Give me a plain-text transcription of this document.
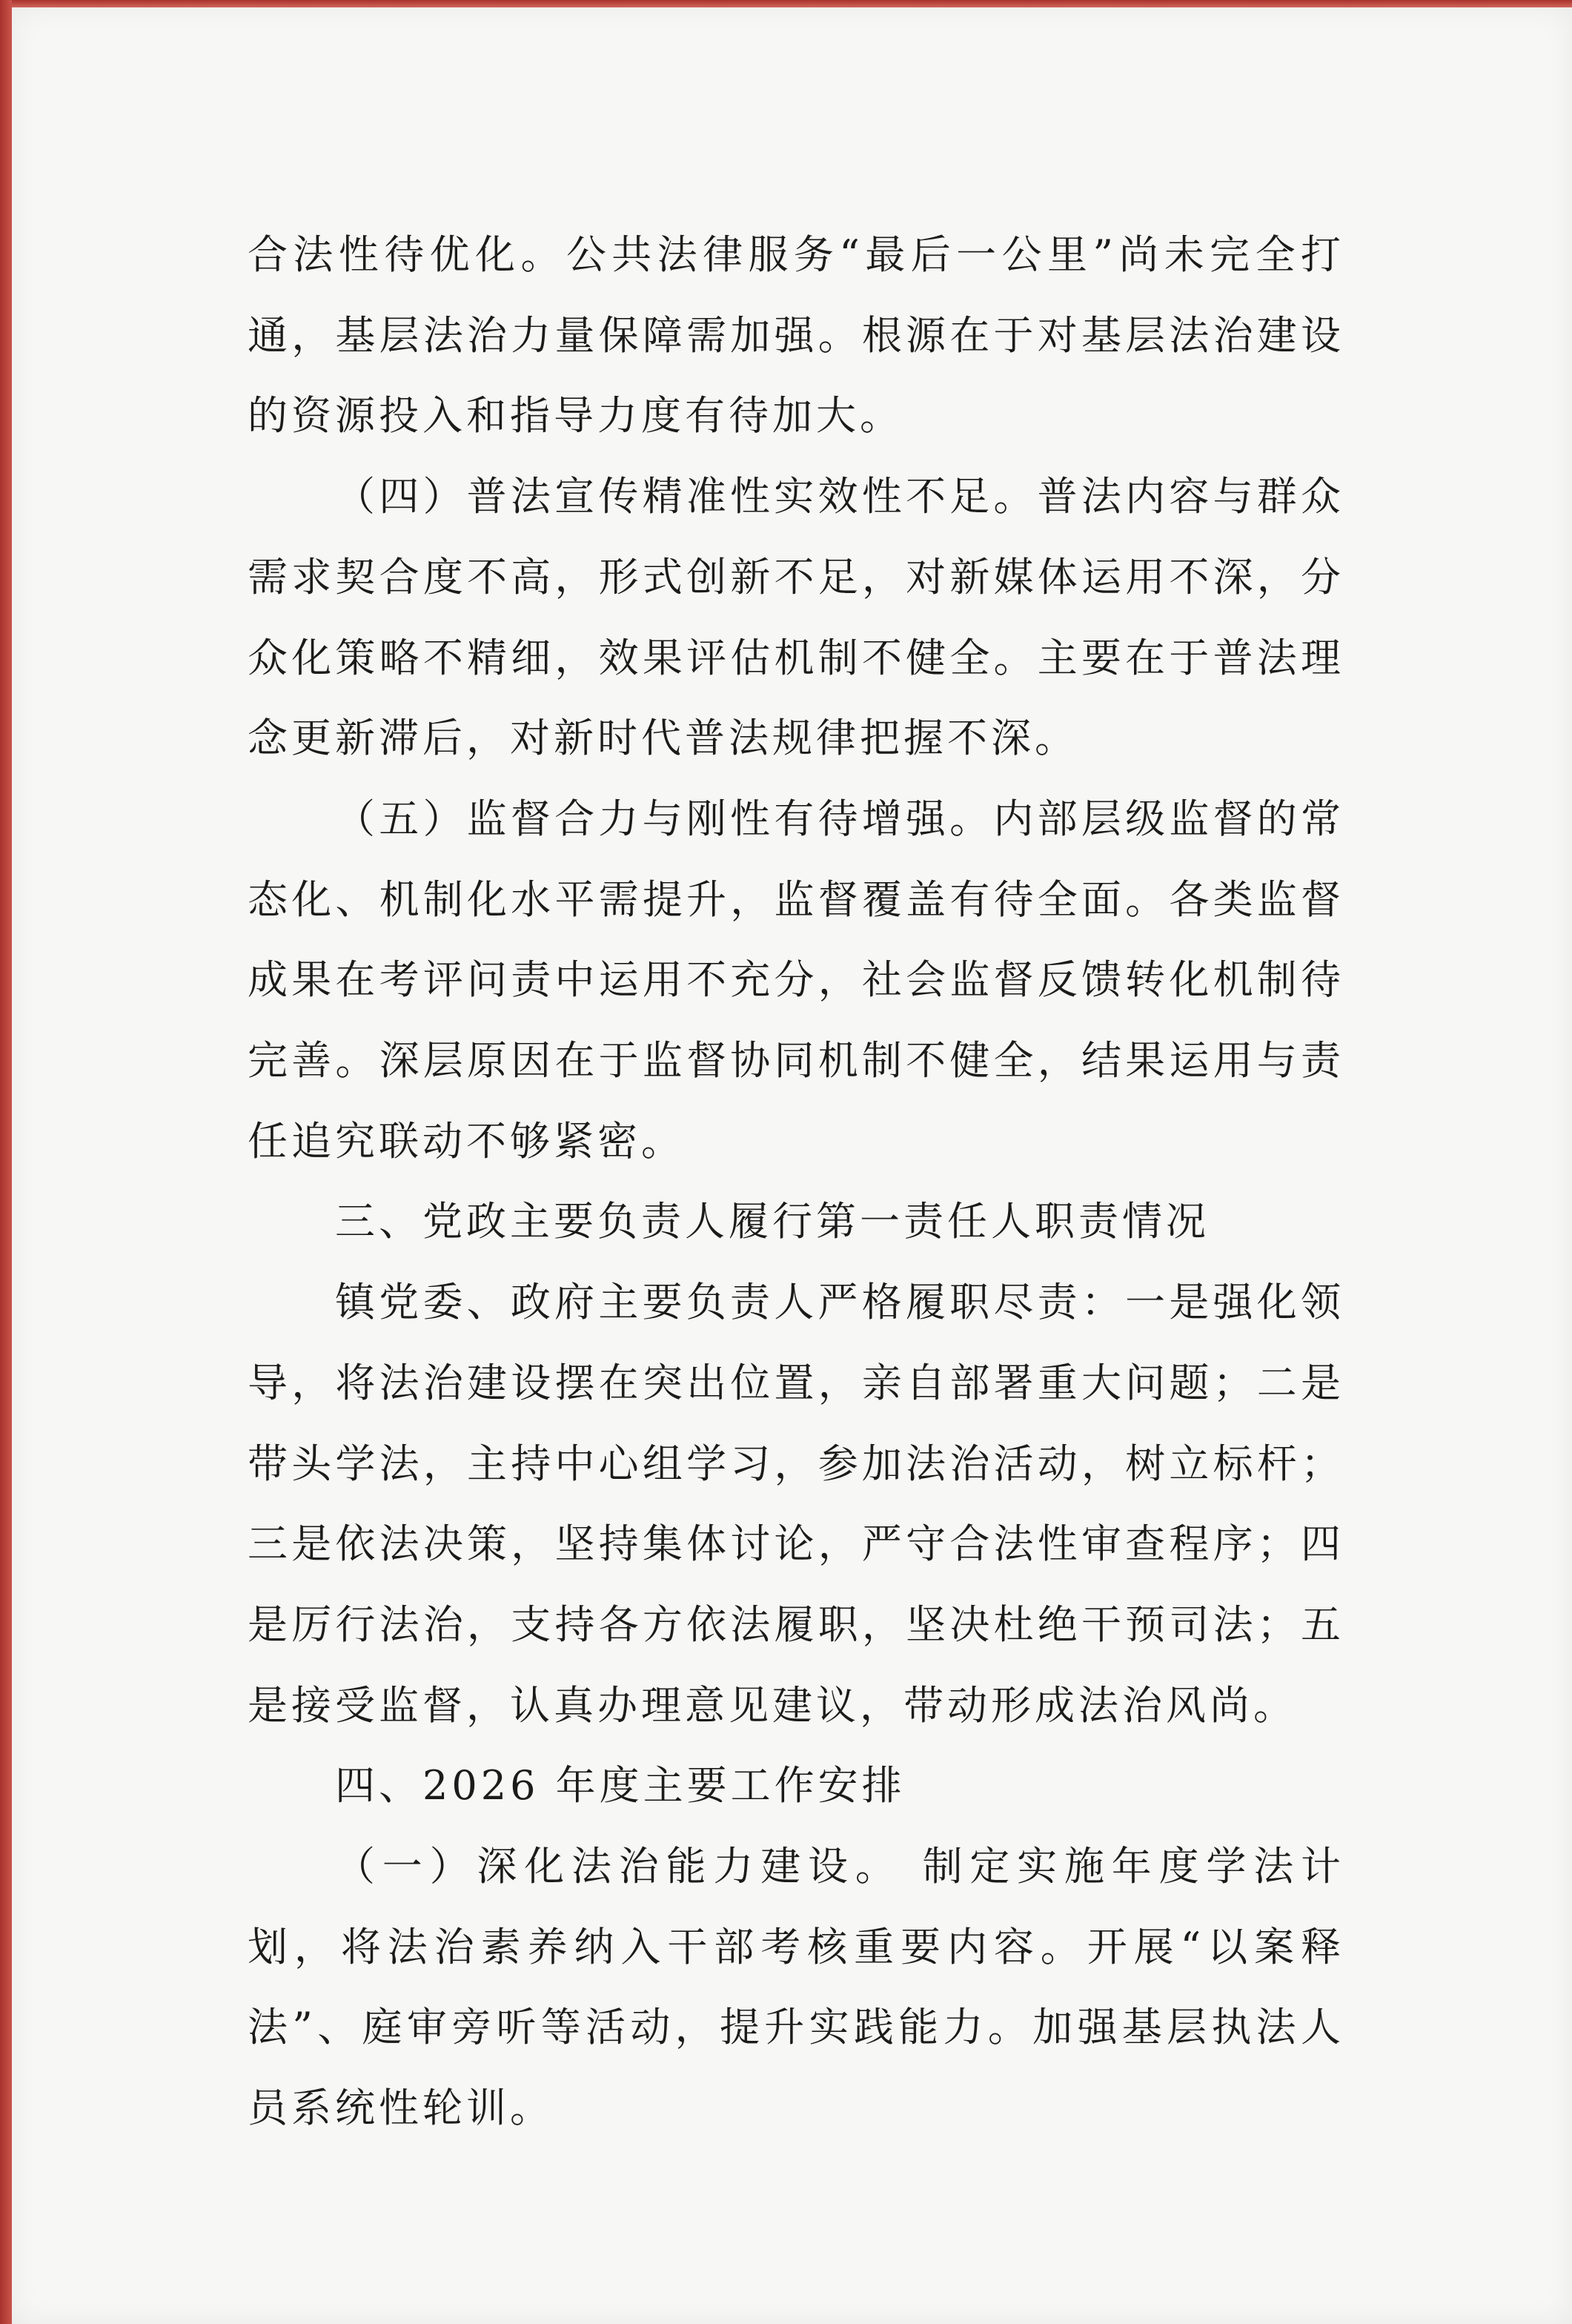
合法性待优化。公共法律服务“最后一公里”尚未完全打通，基层法治力量保障需加强。根源在于对基层法治建设的资源投入和指导力度有待加大。

（四）普法宣传精准性实效性不足。普法内容与群众需求契合度不高，形式创新不足，对新媒体运用不深，分众化策略不精细，效果评估机制不健全。主要在于普法理念更新滞后，对新时代普法规律把握不深。

（五）监督合力与刚性有待增强。内部层级监督的常态化、机制化水平需提升，监督覆盖有待全面。各类监督成果在考评问责中运用不充分，社会监督反馈转化机制待完善。深层原因在于监督协同机制不健全，结果运用与责任追究联动不够紧密。

三、党政主要负责人履行第一责任人职责情况

镇党委、政府主要负责人严格履职尽责：一是强化领导，将法治建设摆在突出位置，亲自部署重大问题；二是带头学法，主持中心组学习，参加法治活动，树立标杆；三是依法决策，坚持集体讨论，严守合法性审查程序；四是厉行法治，支持各方依法履职，坚决杜绝干预司法；五是接受监督，认真办理意见建议，带动形成法治风尚。

四、2026 年度主要工作安排

（一）深化法治能力建设。 制定实施年度学法计划，将法治素养纳入干部考核重要内容。开展“以案释法”、庭审旁听等活动，提升实践能力。加强基层执法人员系统性轮训。
